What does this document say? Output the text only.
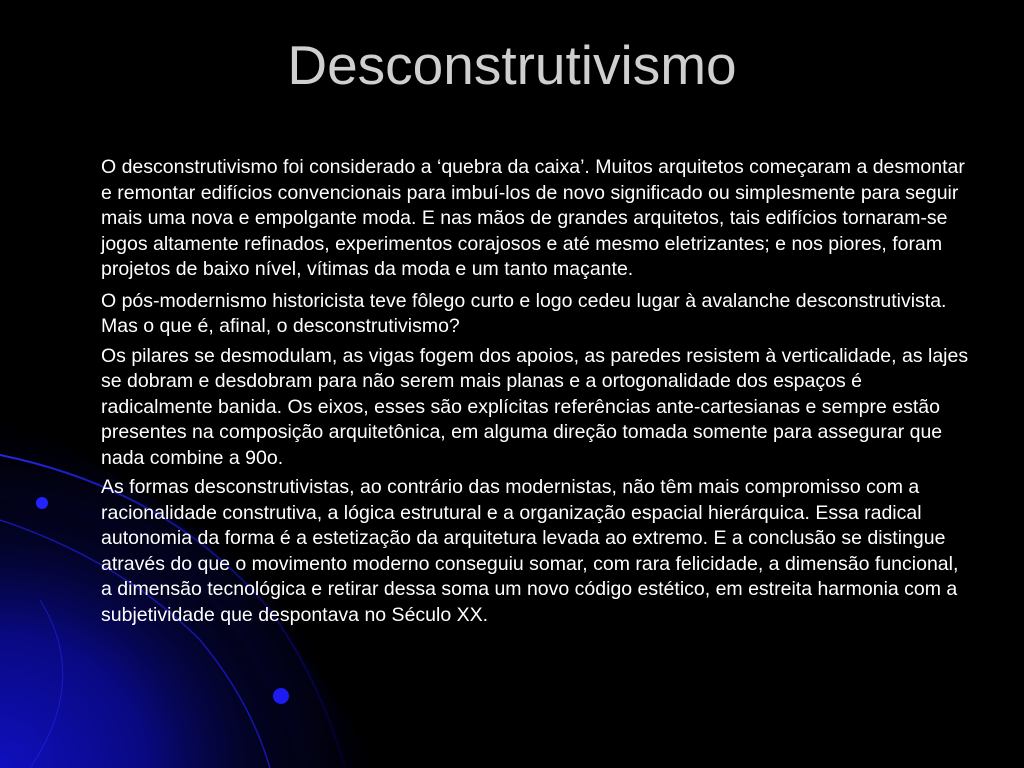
Desconstrutivismo

O desconstrutivismo foi considerado a ‘quebra da caixa’. Muitos arquitetos começaram a desmontar e remontar edifícios convencionais para imbuí-los de novo significado ou simplesmente para seguir mais uma nova e empolgante moda. E nas mãos de grandes arquitetos, tais edifícios tornaram-se jogos altamente refinados, experimentos corajosos e até mesmo eletrizantes; e nos piores, foram projetos de baixo nível, vítimas da moda e um tanto maçante.

O pós-modernismo historicista teve fôlego curto e logo cedeu lugar à avalanche desconstrutivista. Mas o que é, afinal, o desconstrutivismo?

Os pilares se desmodulam, as vigas fogem dos apoios, as paredes resistem à verticalidade, as lajes se dobram e desdobram para não serem mais planas e a ortogonalidade dos espaços é radicalmente banida. Os eixos, esses são explícitas referências ante-cartesianas e sempre estão presentes na composição arquitetônica, em alguma direção tomada somente para assegurar que nada combine a 90o.

As formas desconstrutivistas, ao contrário das modernistas, não têm mais compromisso com a racionalidade construtiva, a lógica estrutural e a organização espacial hierárquica. Essa radical autonomia da forma é a estetização da arquitetura levada ao extremo. E a conclusão se distingue através do que o movimento moderno conseguiu somar, com rara felicidade, a dimensão funcional, a dimensão tecnológica e retirar dessa soma um novo código estético, em estreita harmonia com a subjetividade que despontava no Século XX.
